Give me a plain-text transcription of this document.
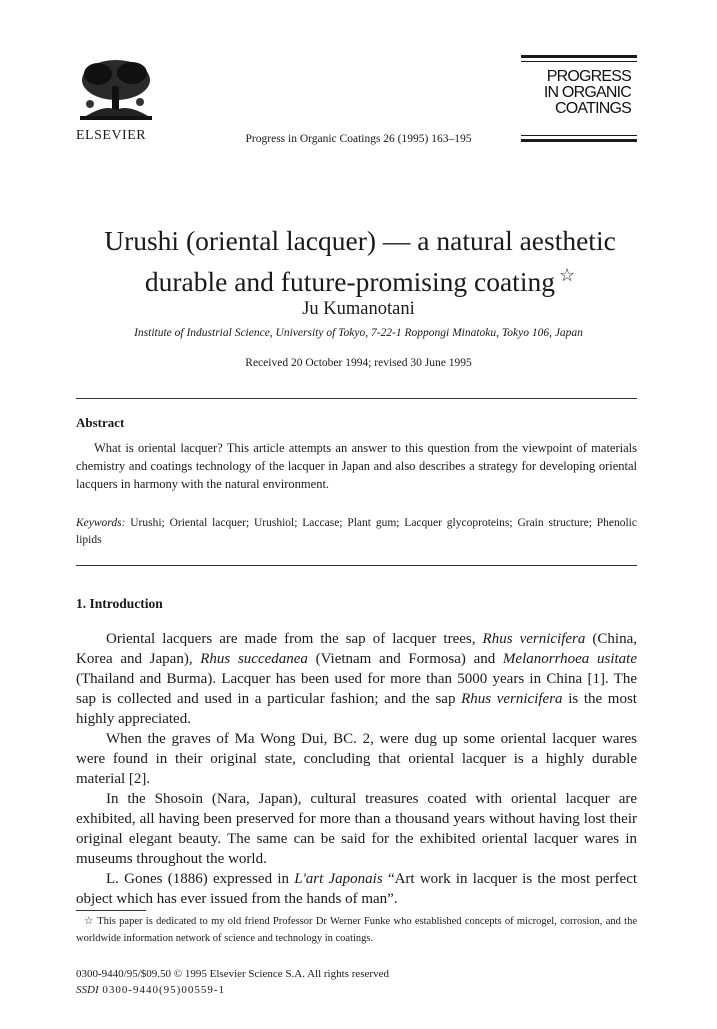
ELSEVIER	Progress in Organic Coatings 26 (1995) 163–195
PROGRESS
IN ORGANIC
COATINGS
Urushi (oriental lacquer) — a natural aesthetic
durable and future-promising coating ☆
Ju Kumanotani
Institute of Industrial Science, University of Tokyo, 7-22-1 Roppongi Minatoku, Tokyo 106, Japan
Received 20 October 1994; revised 30 June 1995
Abstract
What is oriental lacquer? This article attempts an answer to this question from the viewpoint of materials chemistry and coatings technology of the lacquer in Japan and also describes a strategy for developing oriental lacquers in harmony with the natural environment.
Keywords: Urushi; Oriental lacquer; Urushiol; Laccase; Plant gum; Lacquer glycoproteins; Grain structure; Phenolic lipids
1. Introduction

Oriental lacquers are made from the sap of lacquer trees, Rhus vernicifera (China, Korea and Japan), Rhus succedanea (Vietnam and Formosa) and Melanorrhoea usitate (Thailand and Burma). Lacquer has been used for more than 5000 years in China [1]. The sap is collected and used in a particular fashion; and the sap Rhus vernicifera is the most highly appreciated.

When the graves of Ma Wong Dui, BC. 2, were dug up some oriental lacquer wares were found in their original state, concluding that oriental lacquer is a highly durable material [2].

In the Shosoin (Nara, Japan), cultural treasures coated with oriental lacquer are exhibited, all having been preserved for more than a thousand years without having lost their original elegant beauty. The same can be said for the exhibited oriental lacquer wares in museums throughout the world.

L. Gones (1886) expressed in L'art Japonais “Art work in lacquer is the most perfect object which has ever issued from the hands of man”.

☆ This paper is dedicated to my old friend Professor Dr Werner Funke who established concepts of microgel, corrosion, and the worldwide information network of science and technology in coatings.
0300-9440/95/$09.50 © 1995 Elsevier Science S.A. All rights reserved
SSDI 0300-9440(95)00559-1
